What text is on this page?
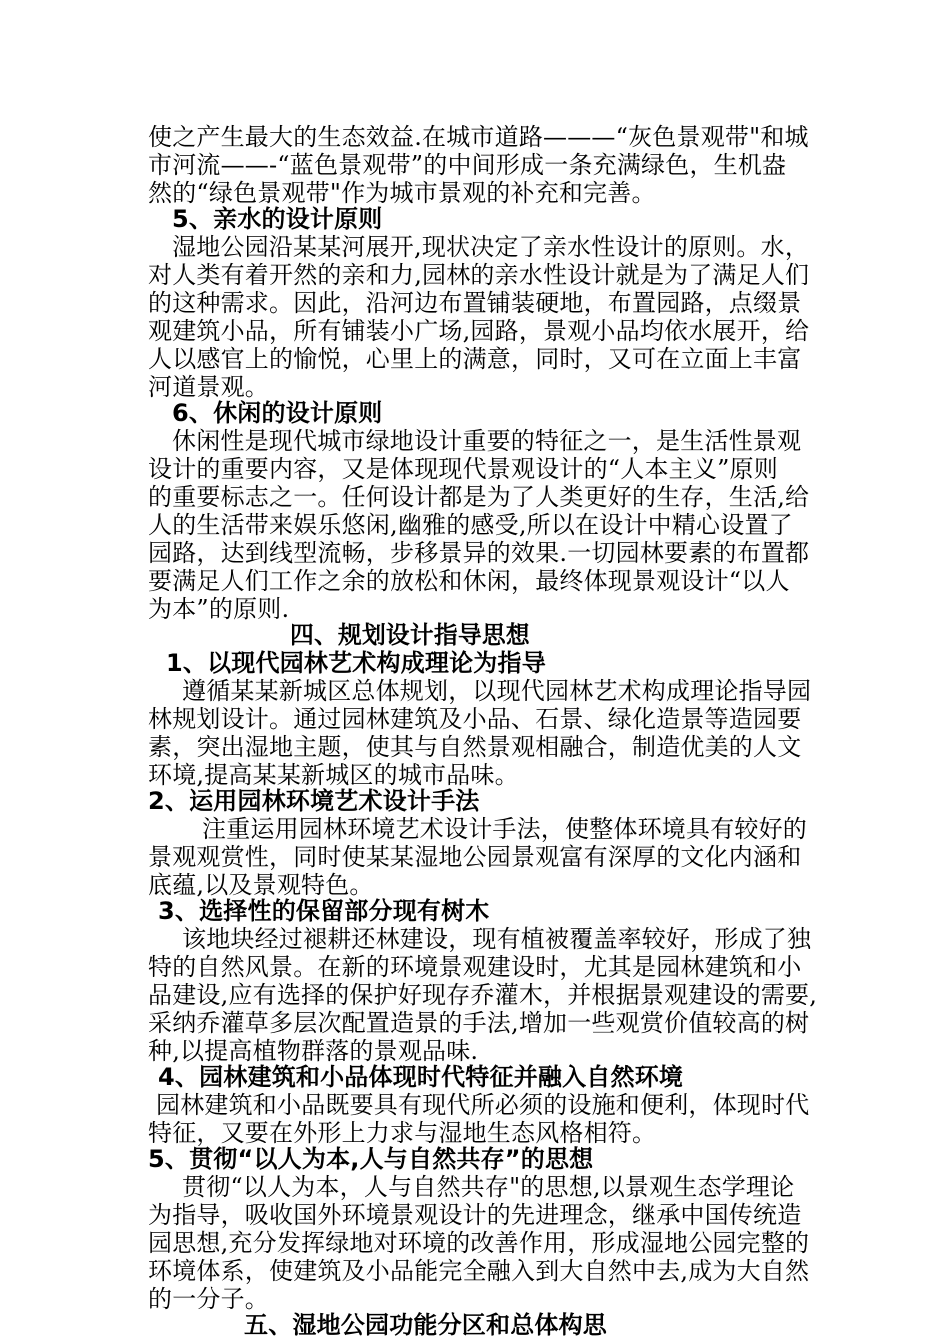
使之产生最大的生态效益.在城市道路———“灰色景观带"和城
市河流——-“蓝色景观带”的中间形成一条充满绿色，生机盎
然的“绿色景观带"作为城市景观的补充和完善。
5、亲水的设计原则
湿地公园沿某某河展开,现状决定了亲水性设计的原则。水，
对人类有着开然的亲和力,园林的亲水性设计就是为了满足人们
的这种需求。因此，沿河边布置铺装硬地，布置园路，点缀景
观建筑小品，所有铺装小广场,园路，景观小品均依水展开，给
人以感官上的愉悦，心里上的满意，同时，又可在立面上丰富
河道景观。
6、休闲的设计原则
休闲性是现代城市绿地设计重要的特征之一，是生活性景观
设计的重要内容，又是体现现代景观设计的“人本主义”原则
的重要标志之一。任何设计都是为了人类更好的生存，生活,给
人的生活带来娱乐悠闲,幽雅的感受,所以在设计中精心设置了
园路，达到线型流畅，步移景异的效果.一切园林要素的布置都
要满足人们工作之余的放松和休闲，最终体现景观设计“以人
为本”的原则.
四、规划设计指导思想
1、以现代园林艺术构成理论为指导
遵循某某新城区总体规划，以现代园林艺术构成理论指导园
林规划设计。通过园林建筑及小品、石景、绿化造景等造园要
素，突出湿地主题，使其与自然景观相融合，制造优美的人文
环境,提高某某新城区的城市品味。
2、运用园林环境艺术设计手法
注重运用园林环境艺术设计手法，使整体环境具有较好的
景观观赏性，同时使某某湿地公园景观富有深厚的文化内涵和
底蕴,以及景观特色。
3、选择性的保留部分现有树木
该地块经过褪耕还林建设，现有植被覆盖率较好，形成了独
特的自然风景。在新的环境景观建设时，尤其是园林建筑和小
品建设,应有选择的保护好现存乔灌木，并根据景观建设的需要,
采纳乔灌草多层次配置造景的手法,增加一些观赏价值较高的树
种,以提高植物群落的景观品味.
4、园林建筑和小品体现时代特征并融入自然环境
园林建筑和小品既要具有现代所必须的设施和便利，体现时代
特征，又要在外形上力求与湿地生态风格相符。
5、贯彻“以人为本,人与自然共存”的思想
贯彻“以人为本，人与自然共存"的思想,以景观生态学理论
为指导，吸收国外环境景观设计的先进理念，继承中国传统造
园思想,充分发挥绿地对环境的改善作用，形成湿地公园完整的
环境体系，使建筑及小品能完全融入到大自然中去,成为大自然
的一分子。
五、湿地公园功能分区和总体构思
